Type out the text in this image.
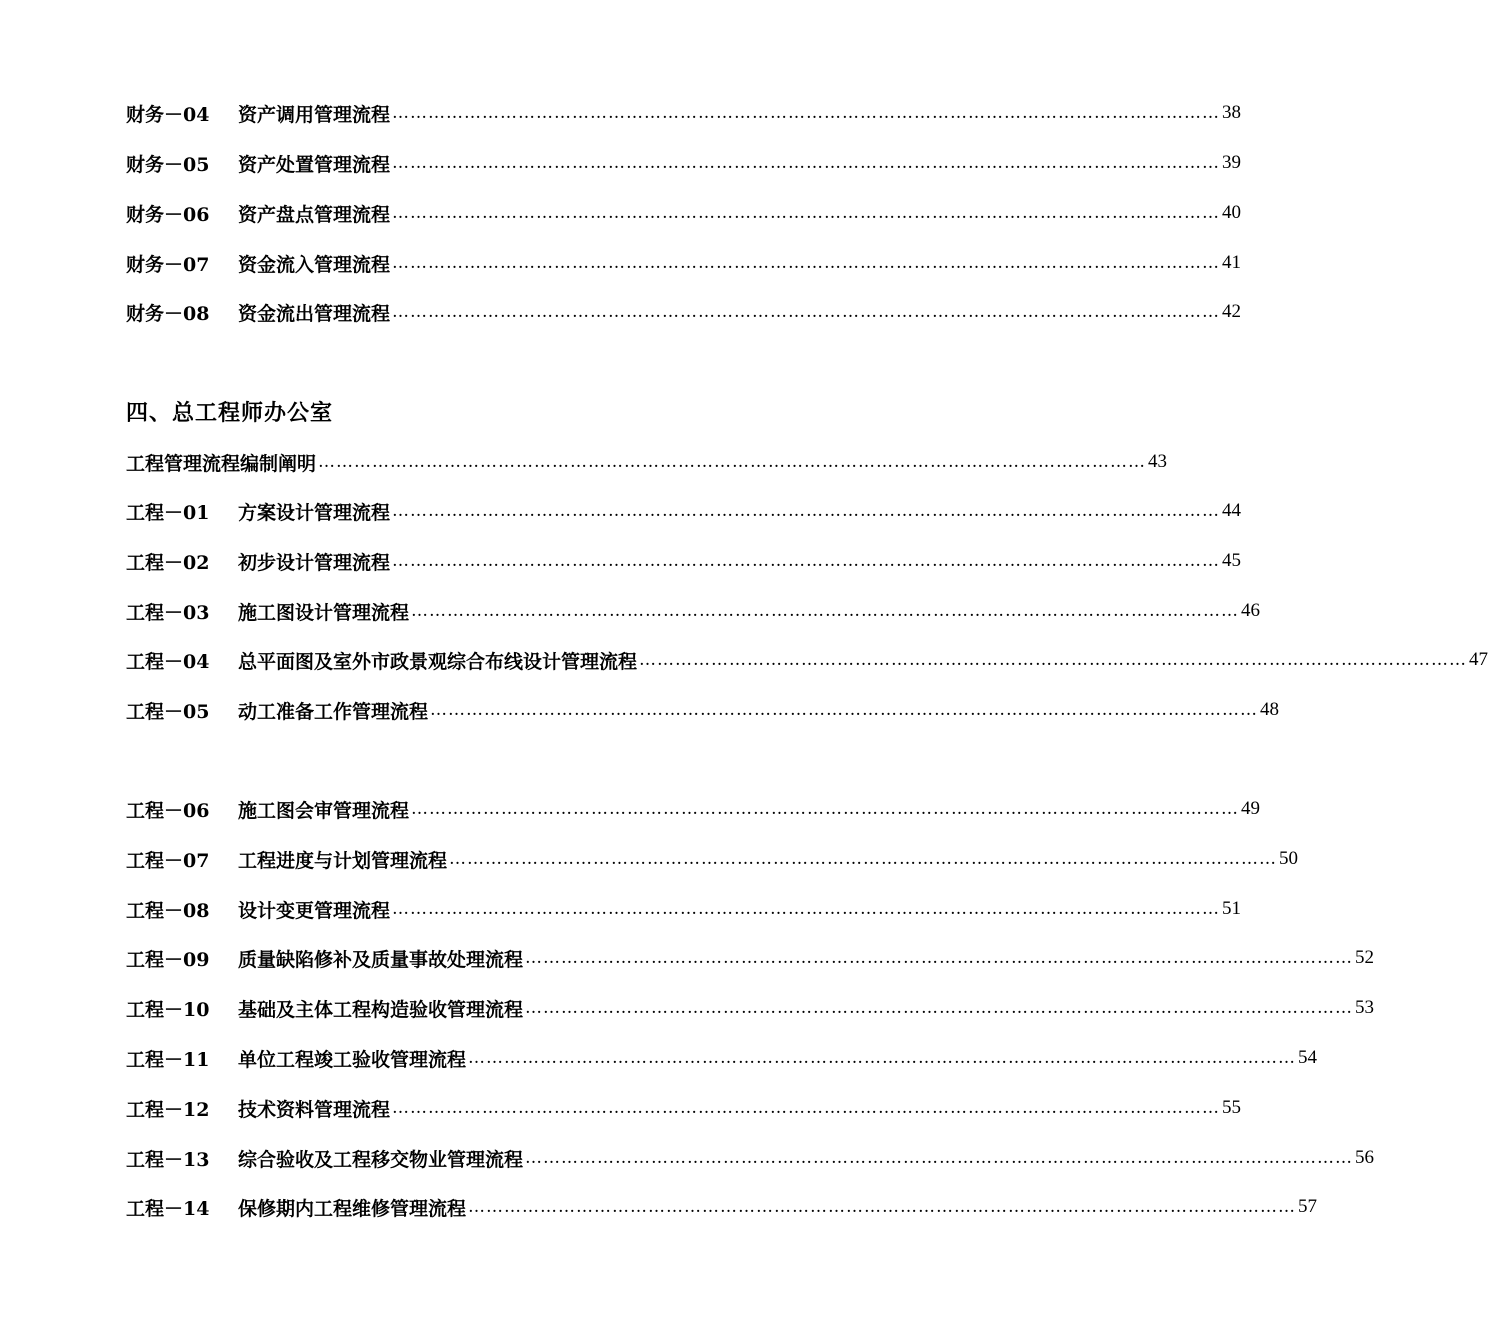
财务－04	资产调用管理流程 ………………………………………………………………………………………………………………………… 38
财务－05	资产处置管理流程 ………………………………………………………………………………………………………………………… 39
财务－06	资产盘点管理流程 ………………………………………………………………………………………………………………………… 40
财务－07	资金流入管理流程 ………………………………………………………………………………………………………………………… 41
财务－08	资金流出管理流程 ………………………………………………………………………………………………………………………… 42
四、总工程师办公室
工程管理流程编制阐明 ………………………………………………………………………………………………………………………… 43
工程－01	方案设计管理流程 ………………………………………………………………………………………………………………………… 44
工程－02	初步设计管理流程 ………………………………………………………………………………………………………………………… 45
工程－03	施工图设计管理流程 ………………………………………………………………………………………………………………………… 46
工程－04	总平面图及室外市政景观综合布线设计管理流程 ………………………………………………………………………………………………………………………… 47
工程－05	动工准备工作管理流程 ………………………………………………………………………………………………………………………… 48
工程－06	施工图会审管理流程 ………………………………………………………………………………………………………………………… 49
工程－07	工程进度与计划管理流程 ………………………………………………………………………………………………………………………… 50
工程－08	设计变更管理流程 ………………………………………………………………………………………………………………………… 51
工程－09	质量缺陷修补及质量事故处理流程 ………………………………………………………………………………………………………………………… 52
工程－10	基础及主体工程构造验收管理流程 ………………………………………………………………………………………………………………………… 53
工程－11	单位工程竣工验收管理流程 ………………………………………………………………………………………………………………………… 54
工程－12	技术资料管理流程 ………………………………………………………………………………………………………………………… 55
工程－13	综合验收及工程移交物业管理流程 ………………………………………………………………………………………………………………………… 56
工程－14	保修期内工程维修管理流程 ………………………………………………………………………………………………………………………… 57
